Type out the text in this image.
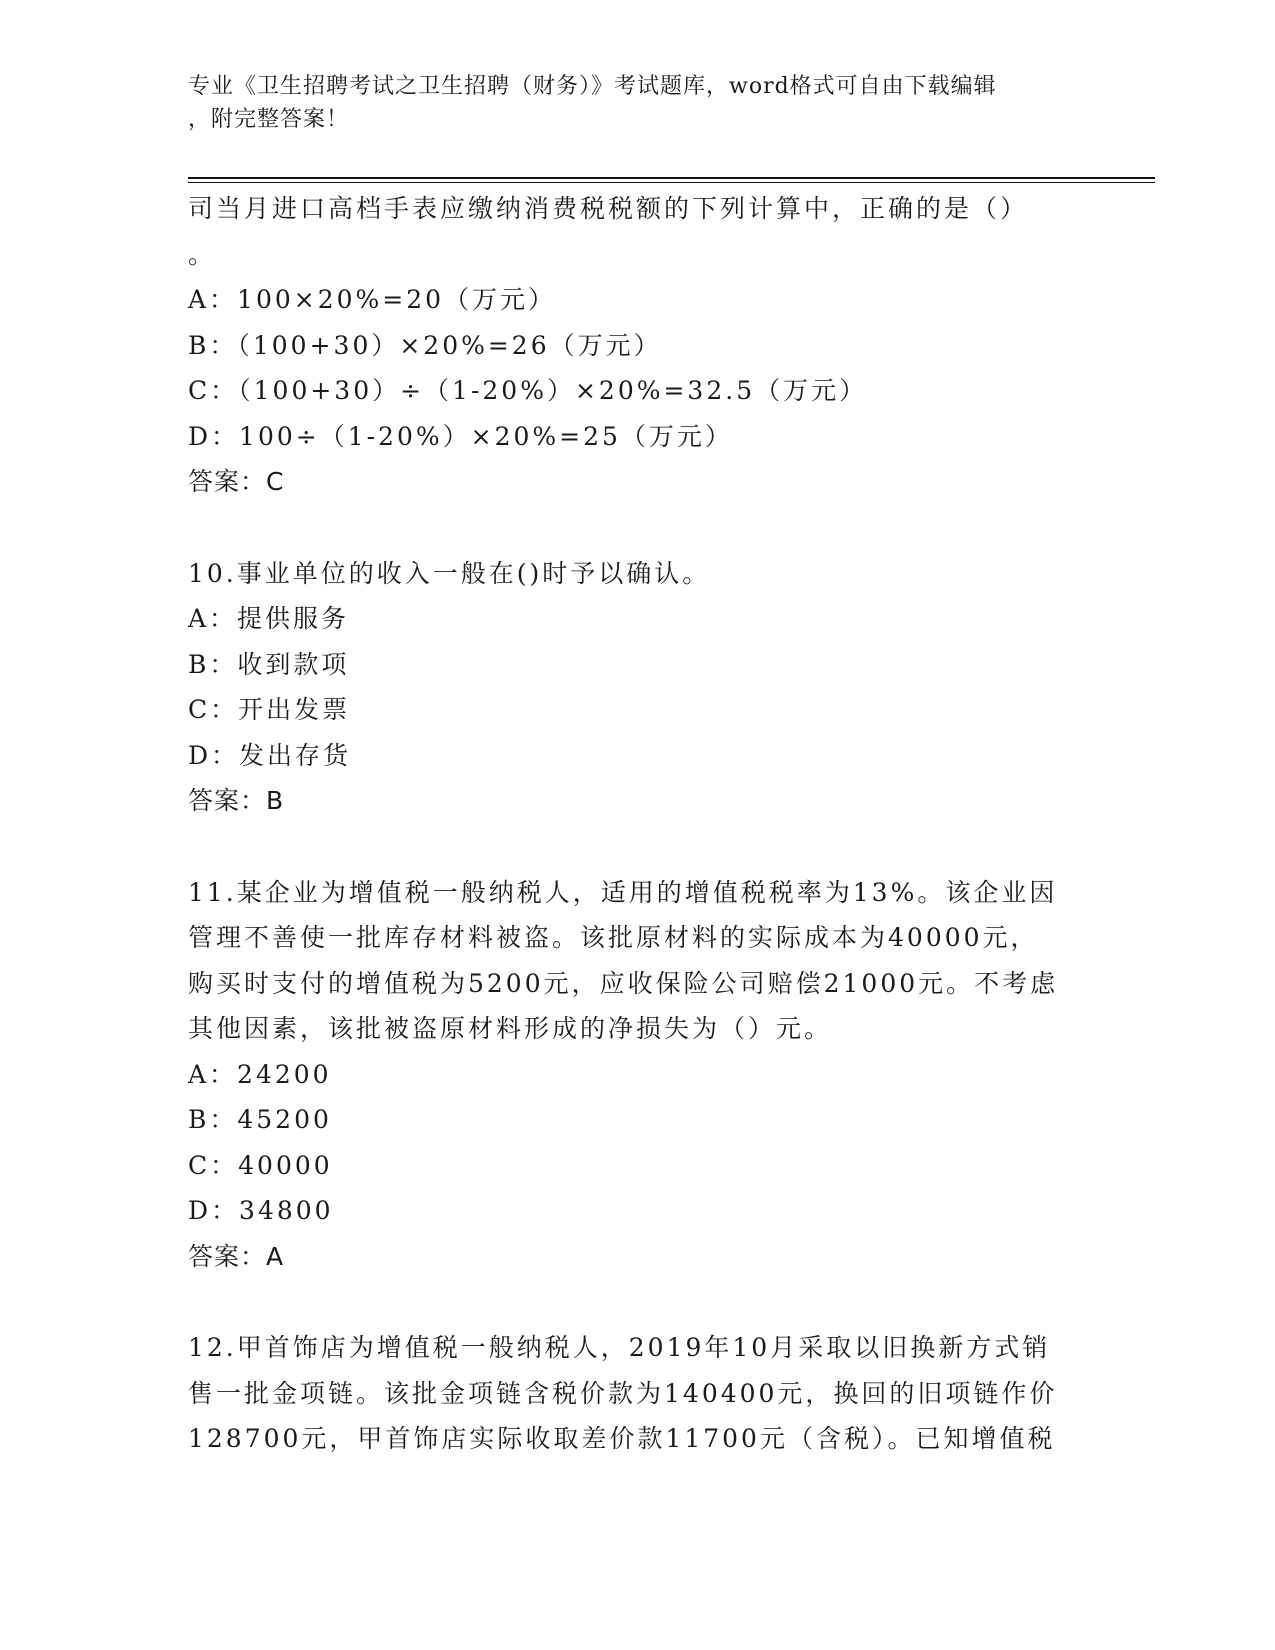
专业《卫生招聘考试之卫生招聘（财务）》考试题库，word格式可自由下载编辑
，附完整答案！
司当月进口高档手表应缴纳消费税税额的下列计算中，正确的是（）
。
A：100×20%=20（万元）
B：（100+30）×20%=26（万元）
C：（100+30）÷（1-20%）×20%=32.5（万元）
D：100÷（1-20%）×20%=25（万元）
答案：C
10.事业单位的收入一般在()时予以确认。
A：提供服务
B：收到款项
C：开出发票
D：发出存货
答案：B
11.某企业为增值税一般纳税人，适用的增值税税率为13%。该企业因
管理不善使一批库存材料被盗。该批原材料的实际成本为40000元，
购买时支付的增值税为5200元，应收保险公司赔偿21000元。不考虑
其他因素，该批被盗原材料形成的净损失为（）元。
A：24200
B：45200
C：40000
D：34800
答案：A
12.甲首饰店为增值税一般纳税人，2019年10月采取以旧换新方式销
售一批金项链。该批金项链含税价款为140400元，换回的旧项链作价
128700元，甲首饰店实际收取差价款11700元（含税）。已知增值税
